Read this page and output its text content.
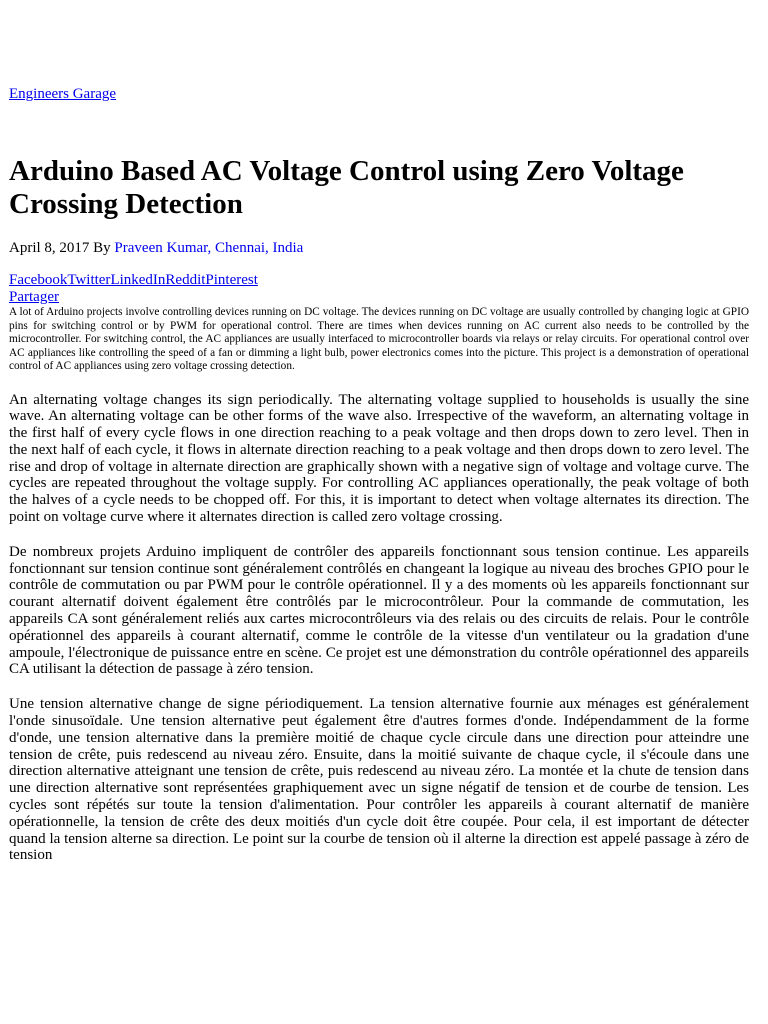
Engineers Garage
Arduino Based AC Voltage Control using Zero Voltage Crossing Detection
April 8, 2017 By Praveen Kumar, Chennai, India
FacebookTwitterLinkedInRedditPinterest
Partager

A lot of Arduino projects involve controlling devices running on DC voltage. The devices running on DC voltage are usually controlled by changing logic at GPIO pins for switching control or by PWM for operational control. There are times when devices running on AC current also needs to be controlled by the microcontroller. For switching control, the AC appliances are usually interfaced to microcontroller boards via relays or relay circuits. For operational control over AC appliances like controlling the speed of a fan or dimming a light bulb, power electronics comes into the picture. This project is a demonstration of operational control of AC appliances using zero voltage crossing detection.

An alternating voltage changes its sign periodically. The alternating voltage supplied to households is usually the sine wave. An alternating voltage can be other forms of the wave also. Irrespective of the waveform, an alternating voltage in the first half of every cycle flows in one direction reaching to a peak voltage and then drops down to zero level. Then in the next half of each cycle, it flows in alternate direction reaching to a peak voltage and then drops down to zero level. The rise and drop of voltage in alternate direction are graphically shown with a negative sign of voltage and voltage curve. The cycles are repeated throughout the voltage supply. For controlling AC appliances operationally, the peak voltage of both the halves of a cycle needs to be chopped off. For this, it is important to detect when voltage alternates its direction. The point on voltage curve where it alternates direction is called zero voltage crossing.

De nombreux projets Arduino impliquent de contrôler des appareils fonctionnant sous tension continue. Les appareils fonctionnant sur tension continue sont généralement contrôlés en changeant la logique au niveau des broches GPIO pour le contrôle de commutation ou par PWM pour le contrôle opérationnel. Il y a des moments où les appareils fonctionnant sur courant alternatif doivent également être contrôlés par le microcontrôleur. Pour la commande de commutation, les appareils CA sont généralement reliés aux cartes microcontrôleurs via des relais ou des circuits de relais. Pour le contrôle opérationnel des appareils à courant alternatif, comme le contrôle de la vitesse d'un ventilateur ou la gradation d'une ampoule, l'électronique de puissance entre en scène. Ce projet est une démonstration du contrôle opérationnel des appareils CA utilisant la détection de passage à zéro tension.

Une tension alternative change de signe périodiquement. La tension alternative fournie aux ménages est généralement l'onde sinusoïdale. Une tension alternative peut également être d'autres formes d'onde. Indépendamment de la forme d'onde, une tension alternative dans la première moitié de chaque cycle circule dans une direction pour atteindre une tension de crête, puis redescend au niveau zéro. Ensuite, dans la moitié suivante de chaque cycle, il s'écoule dans une direction alternative atteignant une tension de crête, puis redescend au niveau zéro. La montée et la chute de tension dans une direction alternative sont représentées graphiquement avec un signe négatif de tension et de courbe de tension. Les cycles sont répétés sur toute la tension d'alimentation. Pour contrôler les appareils à courant alternatif de manière opérationnelle, la tension de crête des deux moitiés d'un cycle doit être coupée. Pour cela, il est important de détecter quand la tension alterne sa direction. Le point sur la courbe de tension où il alterne la direction est appelé passage à zéro de tension
